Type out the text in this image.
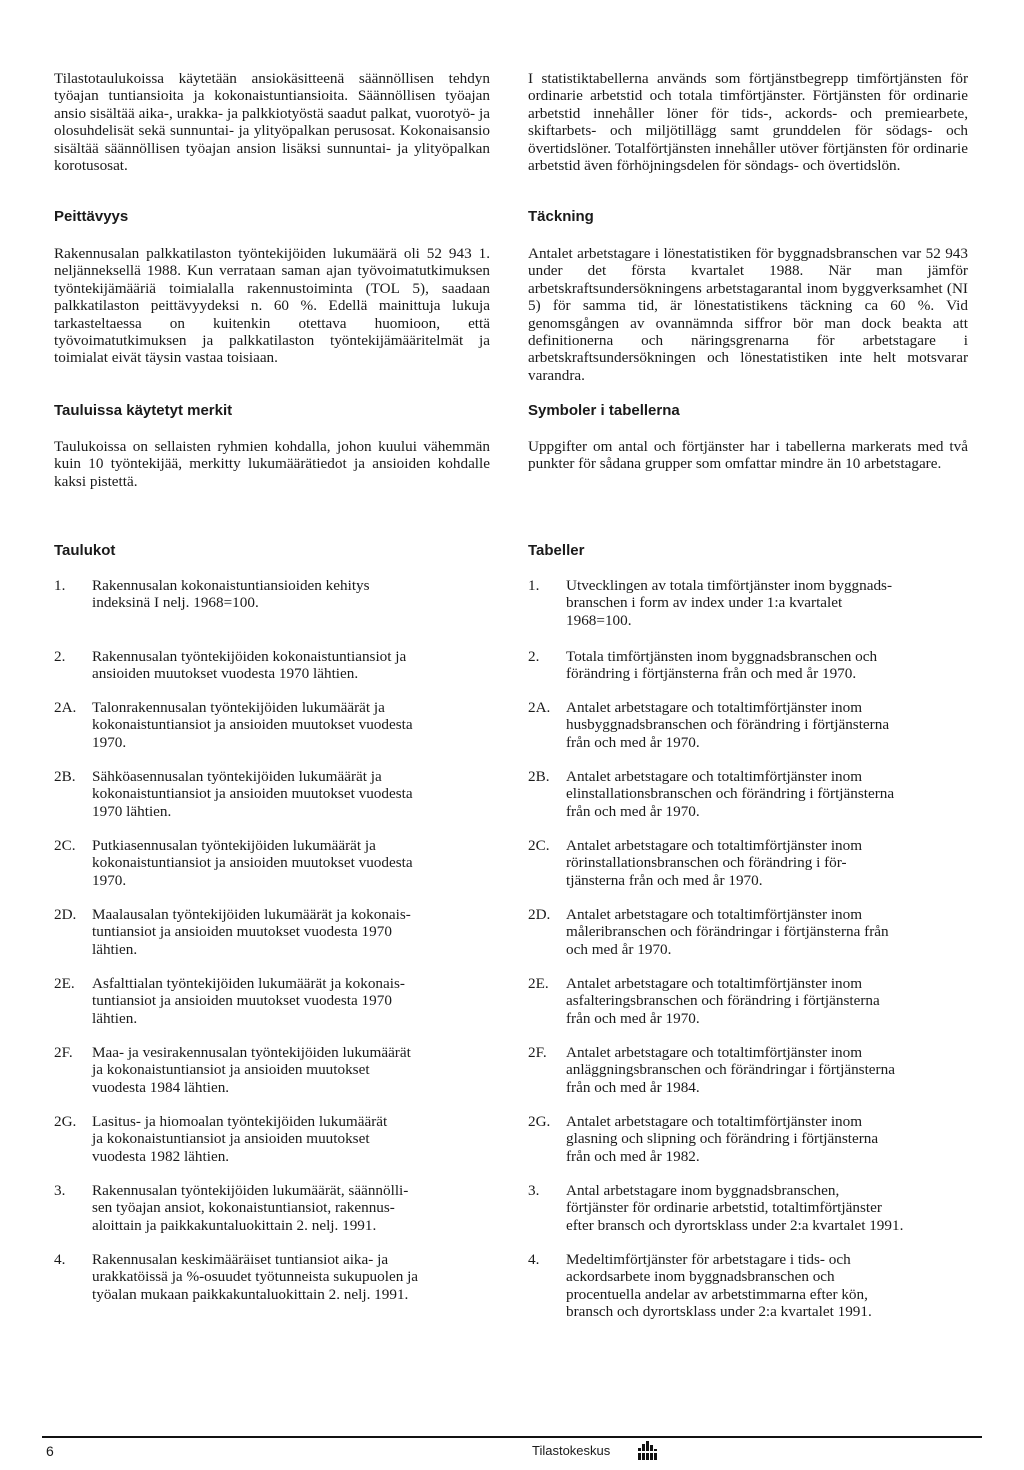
Tilastotaulukoissa käytetään ansiokäsitteenä säännöllisen tehdyn työajan tuntiansioita ja kokonaistuntiansioita. Säännöllisen työajan ansio sisältää aika-, urakka- ja palkkiotyöstä saadut palkat, vuorotyö- ja olosuhdelisät sekä sunnuntai- ja ylityöpalkan perusosat. Kokonaisansio sisältää säännöllisen työajan ansion lisäksi sunnuntai- ja ylityöpalkan korotusosat.

Peittävyys

Rakennusalan palkkatilaston työntekijöiden lukumäärä oli 52 943 1. neljänneksellä 1988. Kun verrataan saman ajan työvoimatutkimuksen työntekijämääriä toimialalla rakennustoiminta (TOL 5), saadaan palkkatilaston peittävyydeksi n. 60 %. Edellä mainittuja lukuja tarkasteltaessa on kuitenkin otettava huomioon, että työvoimatutkimuksen ja palkkatilaston työntekijämääritelmät ja toimialat eivät täysin vastaa toisiaan.

Tauluissa käytetyt merkit

Taulukoissa on sellaisten ryhmien kohdalla, johon kuului vähemmän kuin 10 työntekijää, merkitty lukumäärätiedot ja ansioiden kohdalle kaksi pistettä.

Taulukot
1. Rakennusalan kokonaistuntiansioiden kehitys
indeksinä I nelj. 1968=100.
2. Rakennusalan työntekijöiden kokonaistuntiansiot ja
ansioiden muutokset vuodesta 1970 lähtien.
2A. Talonrakennusalan työntekijöiden lukumäärät ja
kokonaistuntiansiot ja ansioiden muutokset vuodesta
1970.
2B. Sähköasennusalan työntekijöiden lukumäärät ja
kokonaistuntiansiot ja ansioiden muutokset vuodesta
1970 lähtien.
2C. Putkiasennusalan työntekijöiden lukumäärät ja
kokonaistuntiansiot ja ansioiden muutokset vuodesta
1970.
2D. Maalausalan työntekijöiden lukumäärät ja kokonais-
tuntiansiot ja ansioiden muutokset vuodesta 1970
lähtien.
2E. Asfalttialan työntekijöiden lukumäärät ja kokonais-
tuntiansiot ja ansioiden muutokset vuodesta 1970
lähtien.
2F. Maa- ja vesirakennusalan työntekijöiden lukumäärät
ja kokonaistuntiansiot ja ansioiden muutokset
vuodesta 1984 lähtien.
2G. Lasitus- ja hiomoalan työntekijöiden lukumäärät
ja kokonaistuntiansiot ja ansioiden muutokset
vuodesta 1982 lähtien.
3. Rakennusalan työntekijöiden lukumäärät, säännölli-
sen työajan ansiot, kokonaistuntiansiot, rakennus-
aloittain ja paikkakuntaluokittain 2. nelj. 1991.
4. Rakennusalan keskimääräiset tuntiansiot aika- ja
urakkatöissä ja %-osuudet työtunneista sukupuolen ja
työalan mukaan paikkakuntaluokittain 2. nelj. 1991.

I statistiktabellerna används som förtjänstbegrepp timförtjänsten för ordinarie arbetstid och totala timförtjänster. Förtjänsten för ordinarie arbetstid innehåller löner för tids-, ackords- och premiearbete, skiftarbets- och miljötillägg samt grunddelen för södags- och övertidslöner. Totalförtjänsten innehåller utöver förtjänsten för ordinarie arbetstid även förhöjningsdelen för söndags- och övertidslön.

Täckning

Antalet arbetstagare i lönestatistiken för byggnadsbranschen var 52 943 under det första kvartalet 1988. När man jämför arbetskraftsundersökningens arbetstagarantal inom byggverksamhet (NI 5) för samma tid, är lönestatistikens täckning ca 60 %. Vid genomsgången av ovannämnda siffror bör man dock beakta att definitionerna och näringsgrenarna för arbetstagare i arbetskraftsundersökningen och lönestatistiken inte helt motsvarar varandra.

Symboler i tabellerna

Uppgifter om antal och förtjänster har i tabellerna markerats med två punkter för sådana grupper som omfattar mindre än 10 arbetstagare.

Tabeller
1. Utvecklingen av totala timförtjänster inom byggnads-
branschen i form av index under 1:a kvartalet
1968=100.
2. Totala timförtjänsten inom byggnadsbranschen och
förändring i förtjänsterna från och med år 1970.
2A. Antalet arbetstagare och totaltimförtjänster inom
husbyggnadsbranschen och förändring i förtjänsterna
från och med år 1970.
2B. Antalet arbetstagare och totaltimförtjänster inom
elinstallationsbranschen och förändring i förtjänsterna
från och med år 1970.
2C. Antalet arbetstagare och totaltimförtjänster inom
rörinstallationsbranschen och förändring i för-
tjänsterna från och med år 1970.
2D. Antalet arbetstagare och totaltimförtjänster inom
måleribranschen och förändringar i förtjänsterna från
och med år 1970.
2E. Antalet arbetstagare och totaltimförtjänster inom
asfalteringsbranschen och förändring i förtjänsterna
från och med år 1970.
2F. Antalet arbetstagare och totaltimförtjänster inom
anläggningsbranschen och förändringar i förtjänsterna
från och med år 1984.
2G. Antalet arbetstagare och totaltimförtjänster inom
glasning och slipning och förändring i förtjänsterna
från och med år 1982.
3. Antal arbetstagare inom byggnadsbranschen,
förtjänster för ordinarie arbetstid, totaltimförtjänster
efter bransch och dyrortsklass under 2:a kvartalet 1991.
4. Medeltimförtjänster för arbetstagare i tids- och
ackordsarbete inom byggnadsbranschen och
procentuella andelar av arbetstimmarna efter kön,
bransch och dyrortsklass under 2:a kvartalet 1991.
6	Tilastokeskus
